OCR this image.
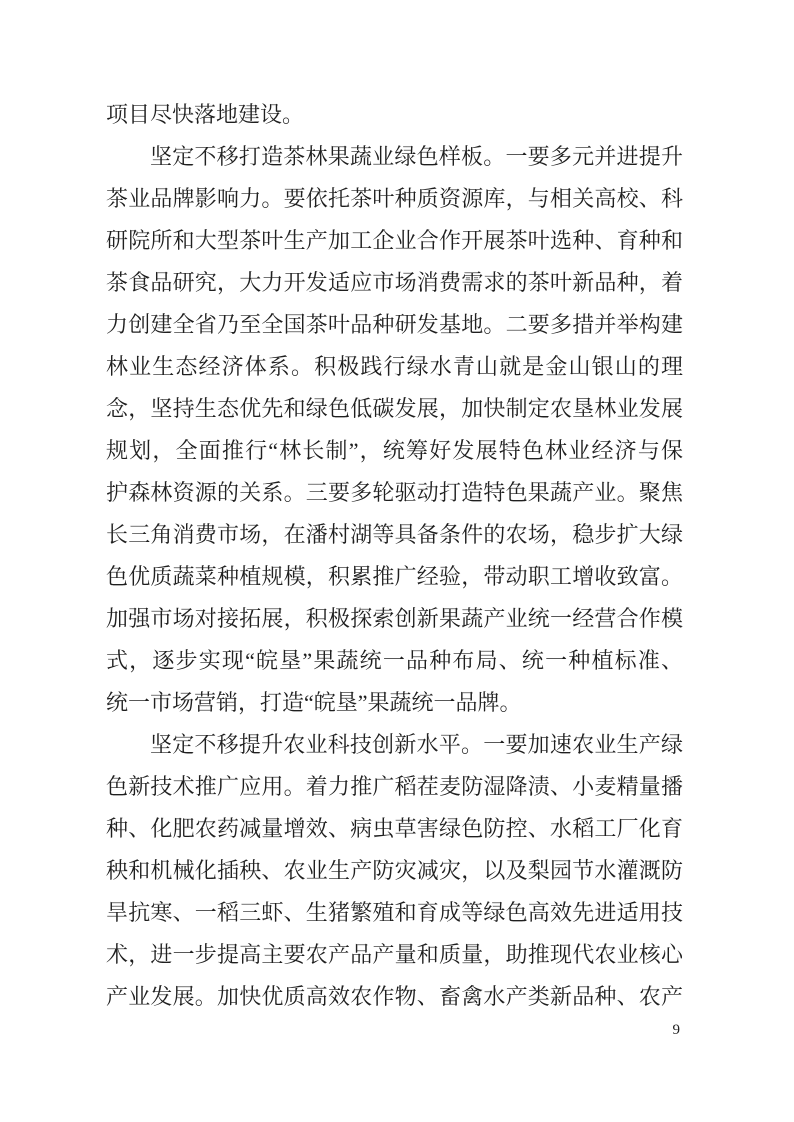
项目尽快落地建设。
坚定不移打造茶林果蔬业绿色样板。一要多元并进提升
茶业品牌影响力。要依托茶叶种质资源库，与相关高校、科
研院所和大型茶叶生产加工企业合作开展茶叶选种、育种和
茶食品研究，大力开发适应市场消费需求的茶叶新品种，着
力创建全省乃至全国茶叶品种研发基地。二要多措并举构建
林业生态经济体系。积极践行绿水青山就是金山银山的理
念，坚持生态优先和绿色低碳发展，加快制定农垦林业发展
规划，全面推行“林长制”，统筹好发展特色林业经济与保
护森林资源的关系。三要多轮驱动打造特色果蔬产业。聚焦
长三角消费市场，在潘村湖等具备条件的农场，稳步扩大绿
色优质蔬菜种植规模，积累推广经验，带动职工增收致富。
加强市场对接拓展，积极探索创新果蔬产业统一经营合作模
式，逐步实现“皖垦”果蔬统一品种布局、统一种植标准、
统一市场营销，打造“皖垦”果蔬统一品牌。
坚定不移提升农业科技创新水平。一要加速农业生产绿
色新技术推广应用。着力推广稻茬麦防湿降渍、小麦精量播
种、化肥农药减量增效、病虫草害绿色防控、水稻工厂化育
秧和机械化插秧、农业生产防灾减灾，以及梨园节水灌溉防
旱抗寒、一稻三虾、生猪繁殖和育成等绿色高效先进适用技
术，进一步提高主要农产品产量和质量，助推现代农业核心
产业发展。加快优质高效农作物、畜禽水产类新品种、农产
9
